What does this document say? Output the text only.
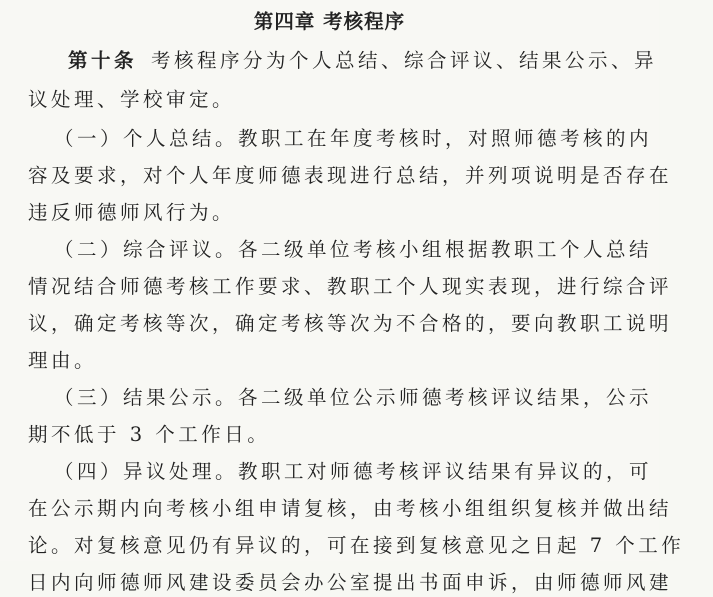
第四章 考核程序
第十条 考核程序分为个人总结、综合评议、结果公示、异
议处理、学校审定。
（一）个人总结。教职工在年度考核时，对照师德考核的内
容及要求，对个人年度师德表现进行总结，并列项说明是否存在
违反师德师风行为。
（二）综合评议。各二级单位考核小组根据教职工个人总结
情况结合师德考核工作要求、教职工个人现实表现，进行综合评
议，确定考核等次，确定考核等次为不合格的，要向教职工说明
理由。
（三）结果公示。各二级单位公示师德考核评议结果，公示
期不低于 3 个工作日。
（四）异议处理。教职工对师德考核评议结果有异议的，可
在公示期内向考核小组申请复核，由考核小组组织复核并做出结
论。对复核意见仍有异议的，可在接到复核意见之日起 7 个工作
日内向师德师风建设委员会办公室提出书面申诉，由师德师风建
